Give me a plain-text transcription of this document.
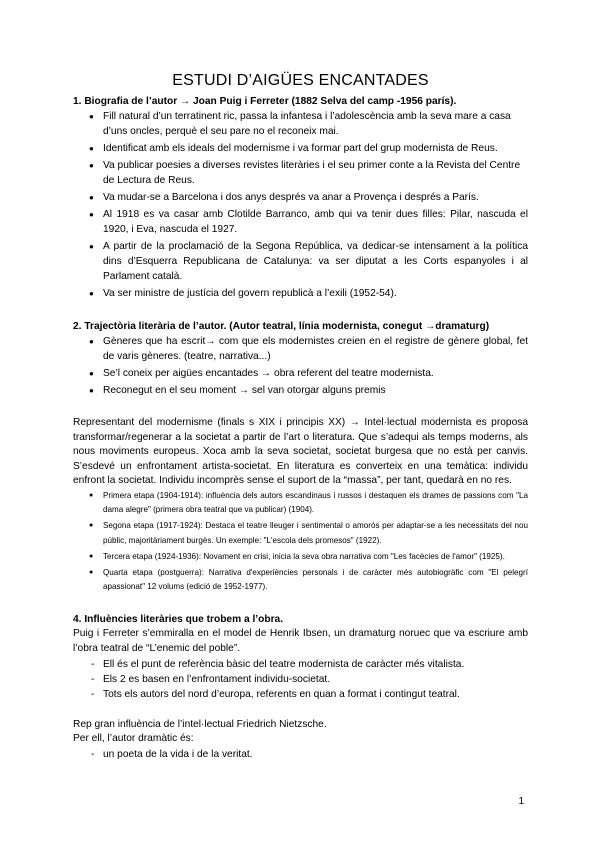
ESTUDI D’AIGÜES ENCANTADES
1. Biografia de l’autor → Joan Puig i Ferreter (1882 Selva del camp -1956 parís).
● Fill natural d’un terratinent ric, passa la infantesa i l’adolescència amb la seva mare a casa d’uns oncles, perquè el seu pare no el reconeix mai.
● Identificat amb els ideals del modernisme i va formar part del grup modernista de Reus.
● Va publicar poesies a diverses revistes literàries i el seu primer conte a la Revista del Centre de Lectura de Reus.
● Va mudar-se a Barcelona i dos anys després va anar a Provença i després a París.
● Al 1918 es va casar amb Clotilde Barranco, amb qui va tenir dues filles: Pilar, nascuda el 1920, i Eva, nascuda el 1927.
● A partir de la proclamació de la Segona República, va dedicar-se intensament a la política dins d’Esquerra Republicana de Catalunya: va ser diputat a les Corts espanyoles i al Parlament català.
● Va ser ministre de justícia del govern republicà a l’exili (1952-54).
2. Trajectòria literària de l’autor. (Autor teatral, línia modernista, conegut →dramaturg)
● Gèneres que ha escrit→ com que els modernistes creien en el registre de gènere global, fet de varis gèneres. (teatre, narrativa...)
● Se’l coneix per aigües encantades → obra referent del teatre modernista.
● Reconegut en el seu moment → sel van otorgar alguns premis

Representant del modernisme (finals s XIX i principis XX) → Intel·lectual modernista es proposa transformar/regenerar a la societat a partir de l’art o literatura. Que s’adequi als temps moderns, als nous moviments europeus. Xoca amb la seva societat, societat burgesa que no està per canvis. S’esdevé un enfrontament artista-societat. En literatura es converteix en una temàtica: individu enfront la societat. Individu incomprès sense el suport de la “massa”, per tant, quedarà en no res.

● Primera etapa (1904-1914): influència dels autors escandinaus i russos i destaquen els drames de passions com "La dama alegre" (primera obra teatral que va publicar) (1904).
● Segona etapa (1917-1924): Destaca el teatre lleuger i sentimental o amorós per adaptar-se a les necessitats del nou públic, majoritàriament burgès. Un exemple: "L'escola dels promesos" (1922).
● Tercera etapa (1924-1936): Novament en crisi, inicia la seva obra narrativa com "Les facècies de l'amor" (1925).
● Quarta etapa (postguerra): Narrativa d'experiències personals i de caràcter més autobiogràfic com "El pelegrí apassionat" 12 volums (edició de 1952-1977).
4. Influències literàries que trobem a l’obra.

Puig i Ferreter s’emmiralla en el model de Henrik Ibsen, un dramaturg noruec que va escriure amb l’obra teatral de “L’enemic del poble”.

- Ell és el punt de referència bàsic del teatre modernista de caràcter més vitalista.
- Els 2 es basen en l’enfrontament individu-societat.
- Tots els autors del nord d’europa, referents en quan a format i contingut teatral.

Rep gran influència de l’intel·lectual Friedrich Nietzsche.

Per ell, l’autor dramàtic és:

- un poeta de la vida i de la veritat.
1
